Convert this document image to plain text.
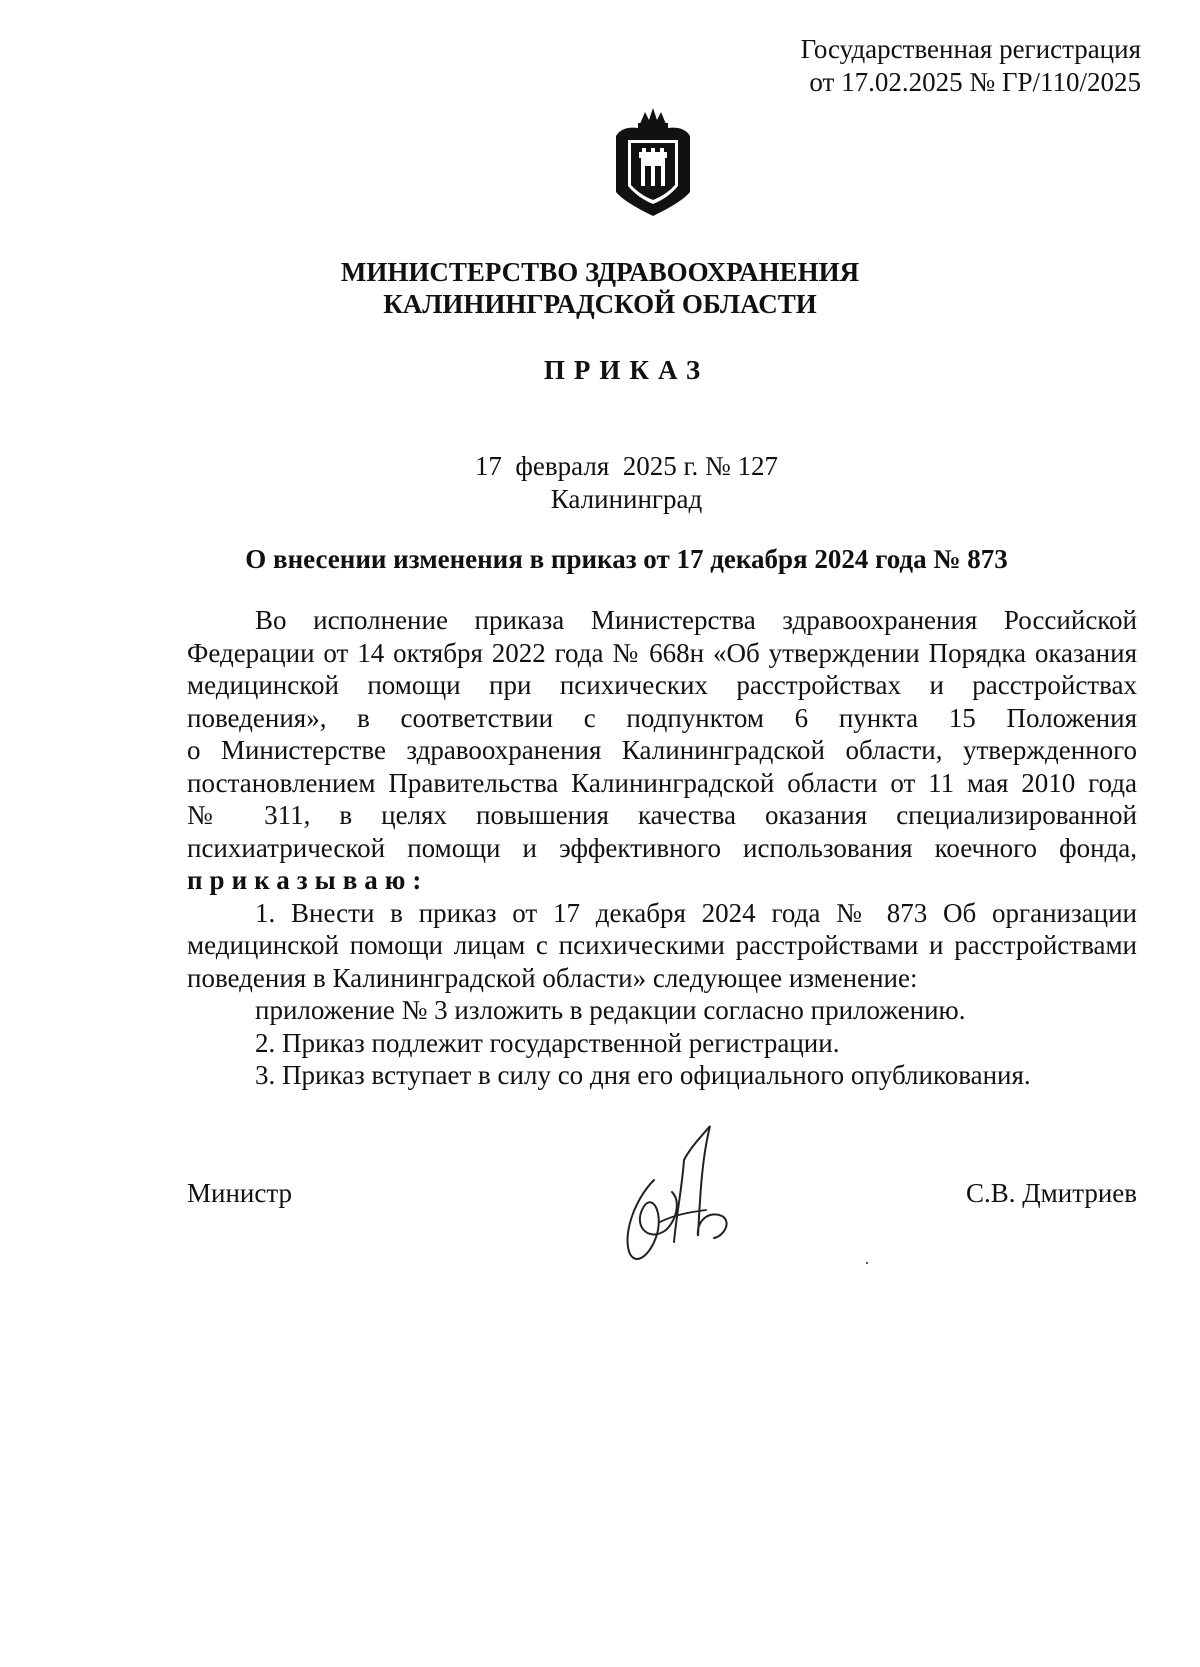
Государственная регистрация
от 17.02.2025 № ГР/110/2025
МИНИСТЕРСТВО ЗДРАВООХРАНЕНИЯ
КАЛИНИНГРАДСКОЙ ОБЛАСТИ
ПРИКАЗ
17  февраля  2025 г. № 127
Калининград
О внесении изменения в приказ от 17 декабря 2024 года № 873

Во исполнение приказа Министерства здравоохранения Российской

Федерации от 14 октября 2022 года № 668н «Об утверждении Порядка оказания

медицинской помощи при психических расстройствах и расстройствах

поведения», в соответствии с подпунктом 6 пункта 15 Положения

о Министерстве здравоохранения Калининградской области, утвержденного

постановлением Правительства Калининградской области от 11 мая 2010 года

№ 311, в целях повышения качества оказания специализированной

психиатрической помощи и эффективного использования коечного фонда,

приказываю:

1. Внести в приказ от 17 декабря 2024 года № 873 Об организации

медицинской помощи лицам с психическими расстройствами и расстройствами

поведения в Калининградской области» следующее изменение:

приложение № 3 изложить в редакции согласно приложению.

2. Приказ подлежит государственной регистрации.

3. Приказ вступает в силу со дня его официального опубликования.

Министр	С.В. Дмитриев
